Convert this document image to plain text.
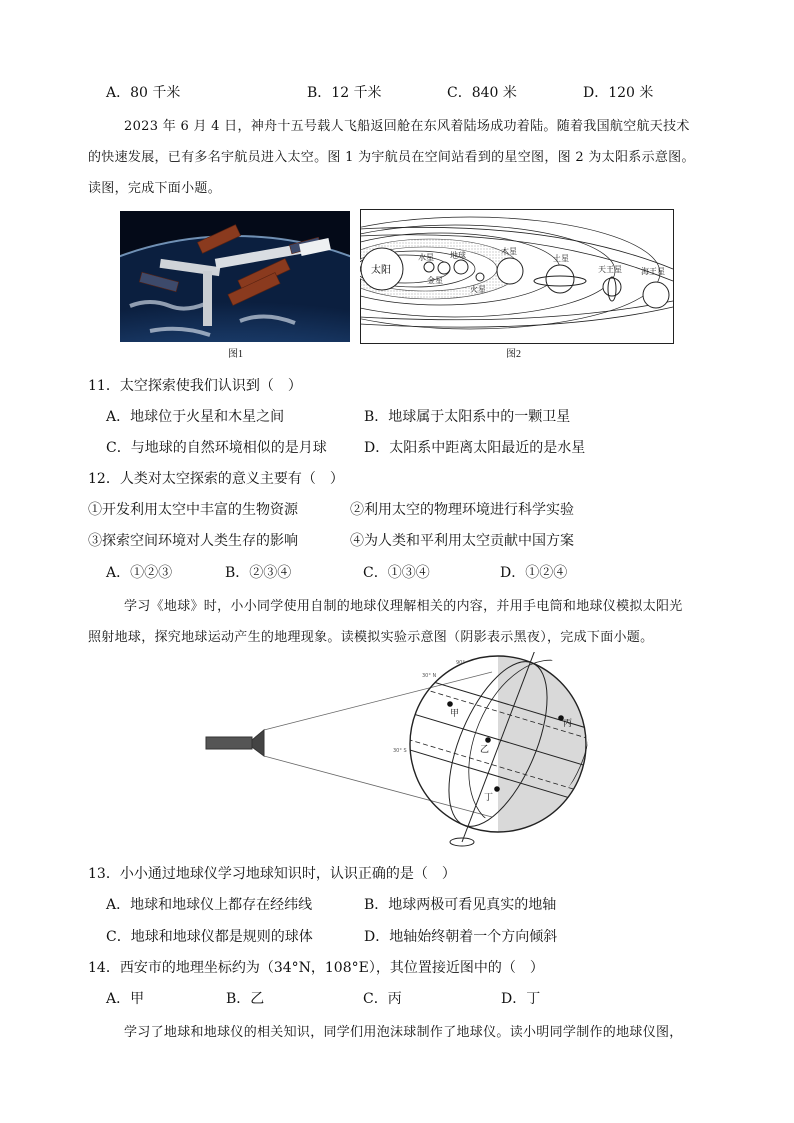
A．80 千米	B．12 千米	C．840 米	D．120 米
2023 年 6 月 4 日，神舟十五号载人飞船返回舱在东风着陆场成功着陆。随着我国航空航天技术
的快速发展，已有多名宇航员进入太空。图 1 为宇航员在空间站看到的星空图，图 2 为太阳系示意图。
读图，完成下面小题。
图1
太阳
水星
金星
地球
火星
木星
土星
天王星 海王星
图2
11．太空探索使我们认识到（　）
A．地球位于火星和木星之间	B．地球属于太阳系中的一颗卫星
C．与地球的自然环境相似的是月球	D．太阳系中距离太阳最近的是水星
12．人类对太空探索的意义主要有（　）
①开发利用太空中丰富的生物资源	②利用太空的物理环境进行科学实验
③探索空间环境对人类生存的影响	④为人类和平利用太空贡献中国方案
A．①②③	B．②③④	C．①③④	D．①②④
学习《地球》时，小小同学使用自制的地球仪理解相关的内容，并用手电筒和地球仪模拟太阳光
照射地球，探究地球运动产生的地理现象。读模拟实验示意图（阴影表示黑夜），完成下面小题。
甲
乙
丙
丁
30° N
30° S
90°
13．小小通过地球仪学习地球知识时，认识正确的是（　）
A．地球和地球仪上都存在经纬线	B．地球两极可看见真实的地轴
C．地球和地球仪都是规则的球体	D．地轴始终朝着一个方向倾斜
14．西安市的地理坐标约为（34°N，108°E），其位置接近图中的（　）
A．甲	B．乙	C．丙	D．丁
学习了地球和地球仪的相关知识，同学们用泡沫球制作了地球仪。读小明同学制作的地球仪图，
